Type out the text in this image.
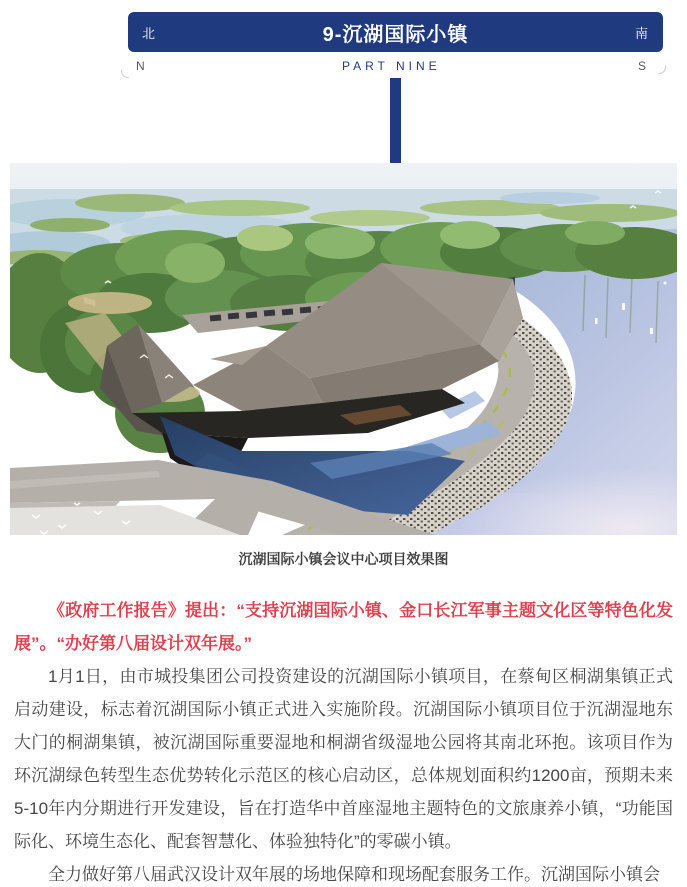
北	9-沉湖国际小镇	南
N	PART NINE	S
沉湖国际小镇会议中心项目效果图

《政府工作报告》提出：“支持沉湖国际小镇、金口长江军事主题文化区等特色化发展”。“办好第八届设计双年展。”

1月1日，由市城投集团公司投资建设的沉湖国际小镇项目，在蔡甸区桐湖集镇正式启动建设，标志着沉湖国际小镇正式进入实施阶段。沉湖国际小镇项目位于沉湖湿地东大门的桐湖集镇，被沉湖国际重要湿地和桐湖省级湿地公园将其南北环抱。该项目作为环沉湖绿色转型生态优势转化示范区的核心启动区，总体规划面积约1200亩，预期未来5-10年内分期进行开发建设，旨在打造华中首座湿地主题特色的文旅康养小镇，“功能国际化、环境生态化、配套智慧化、体验独特化”的零碳小镇。

全力做好第八届武汉设计双年展的场地保障和现场配套服务工作。沉湖国际小镇会
